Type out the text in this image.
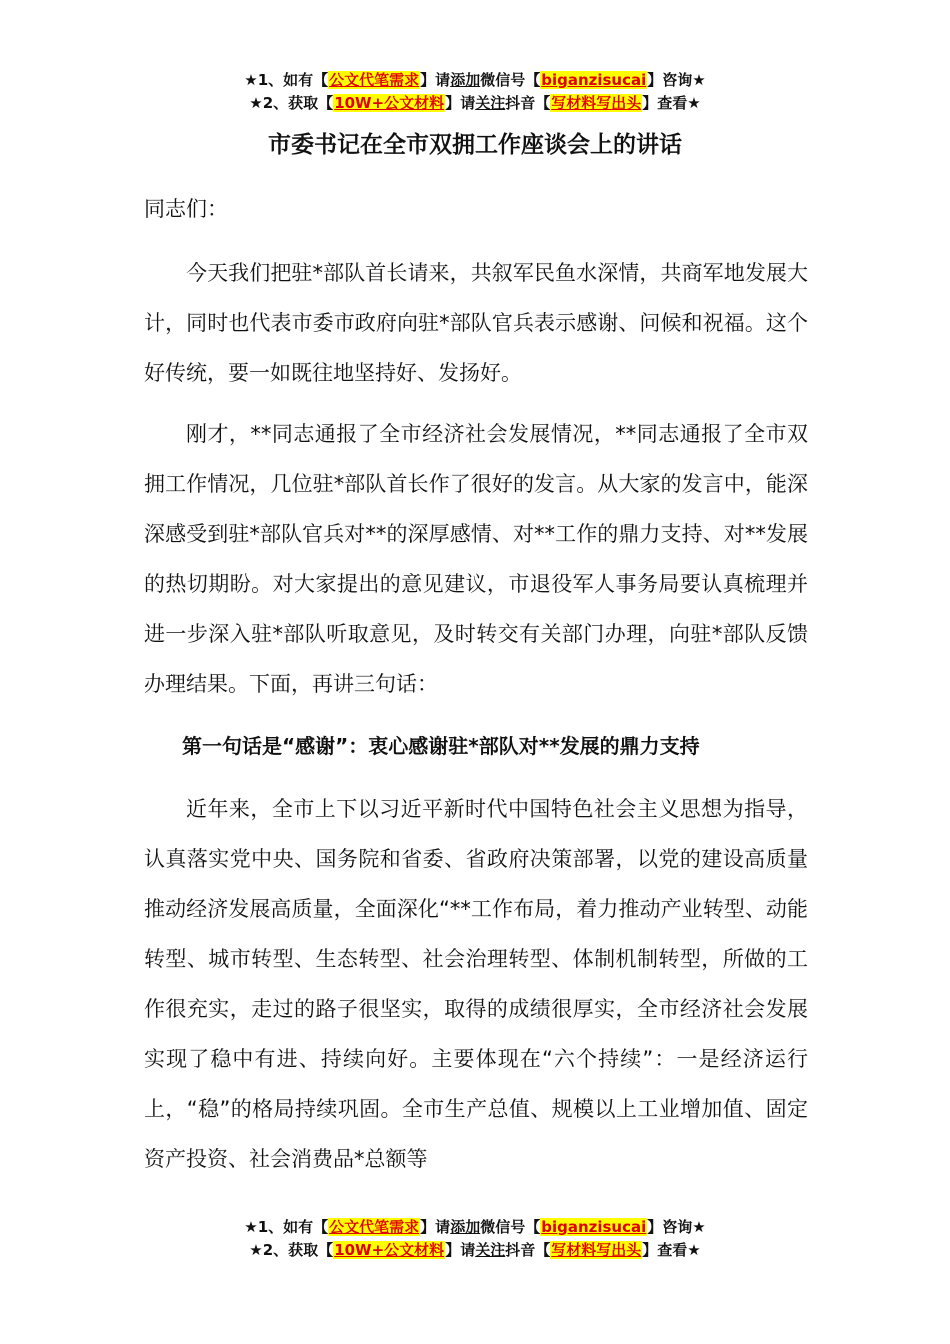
★1、如有【公文代笔需求】请添加微信号【biganzisucai】咨询★
★2、获取【10W+公文材料】请关注抖音【写材料写出头】查看★
市委书记在全市双拥工作座谈会上的讲话

同志们：

今天我们把驻*部队首长请来，共叙军民鱼水深情，共商军地发展大计，同时也代表市委市政府向驻*部队官兵表示感谢、问候和祝福。这个好传统，要一如既往地坚持好、发扬好。

刚才，**同志通报了全市经济社会发展情况，**同志通报了全市双拥工作情况，几位驻*部队首长作了很好的发言。从大家的发言中，能深深感受到驻*部队官兵对**的深厚感情、对**工作的鼎力支持、对**发展的热切期盼。对大家提出的意见建议，市退役军人事务局要认真梳理并进一步深入驻*部队听取意见，及时转交有关部门办理，向驻*部队反馈办理结果。下面，再讲三句话：

第一句话是“感谢”：衷心感谢驻*部队对**发展的鼎力支持

近年来，全市上下以习近平新时代中国特色社会主义思想为指导，认真落实党中央、国务院和省委、省政府决策部署，以党的建设高质量推动经济发展高质量，全面深化“**工作布局，着力推动产业转型、动能转型、城市转型、生态转型、社会治理转型、体制机制转型，所做的工作很充实，走过的路子很坚实，取得的成绩很厚实，全市经济社会发展实现了稳中有进、持续向好。主要体现在“六个持续”：一是经济运行上，“稳”的格局持续巩固。全市生产总值、规模以上工业增加值、固定资产投资、社会消费品*总额等

★1、如有【公文代笔需求】请添加微信号【biganzisucai】咨询★
★2、获取【10W+公文材料】请关注抖音【写材料写出头】查看★
